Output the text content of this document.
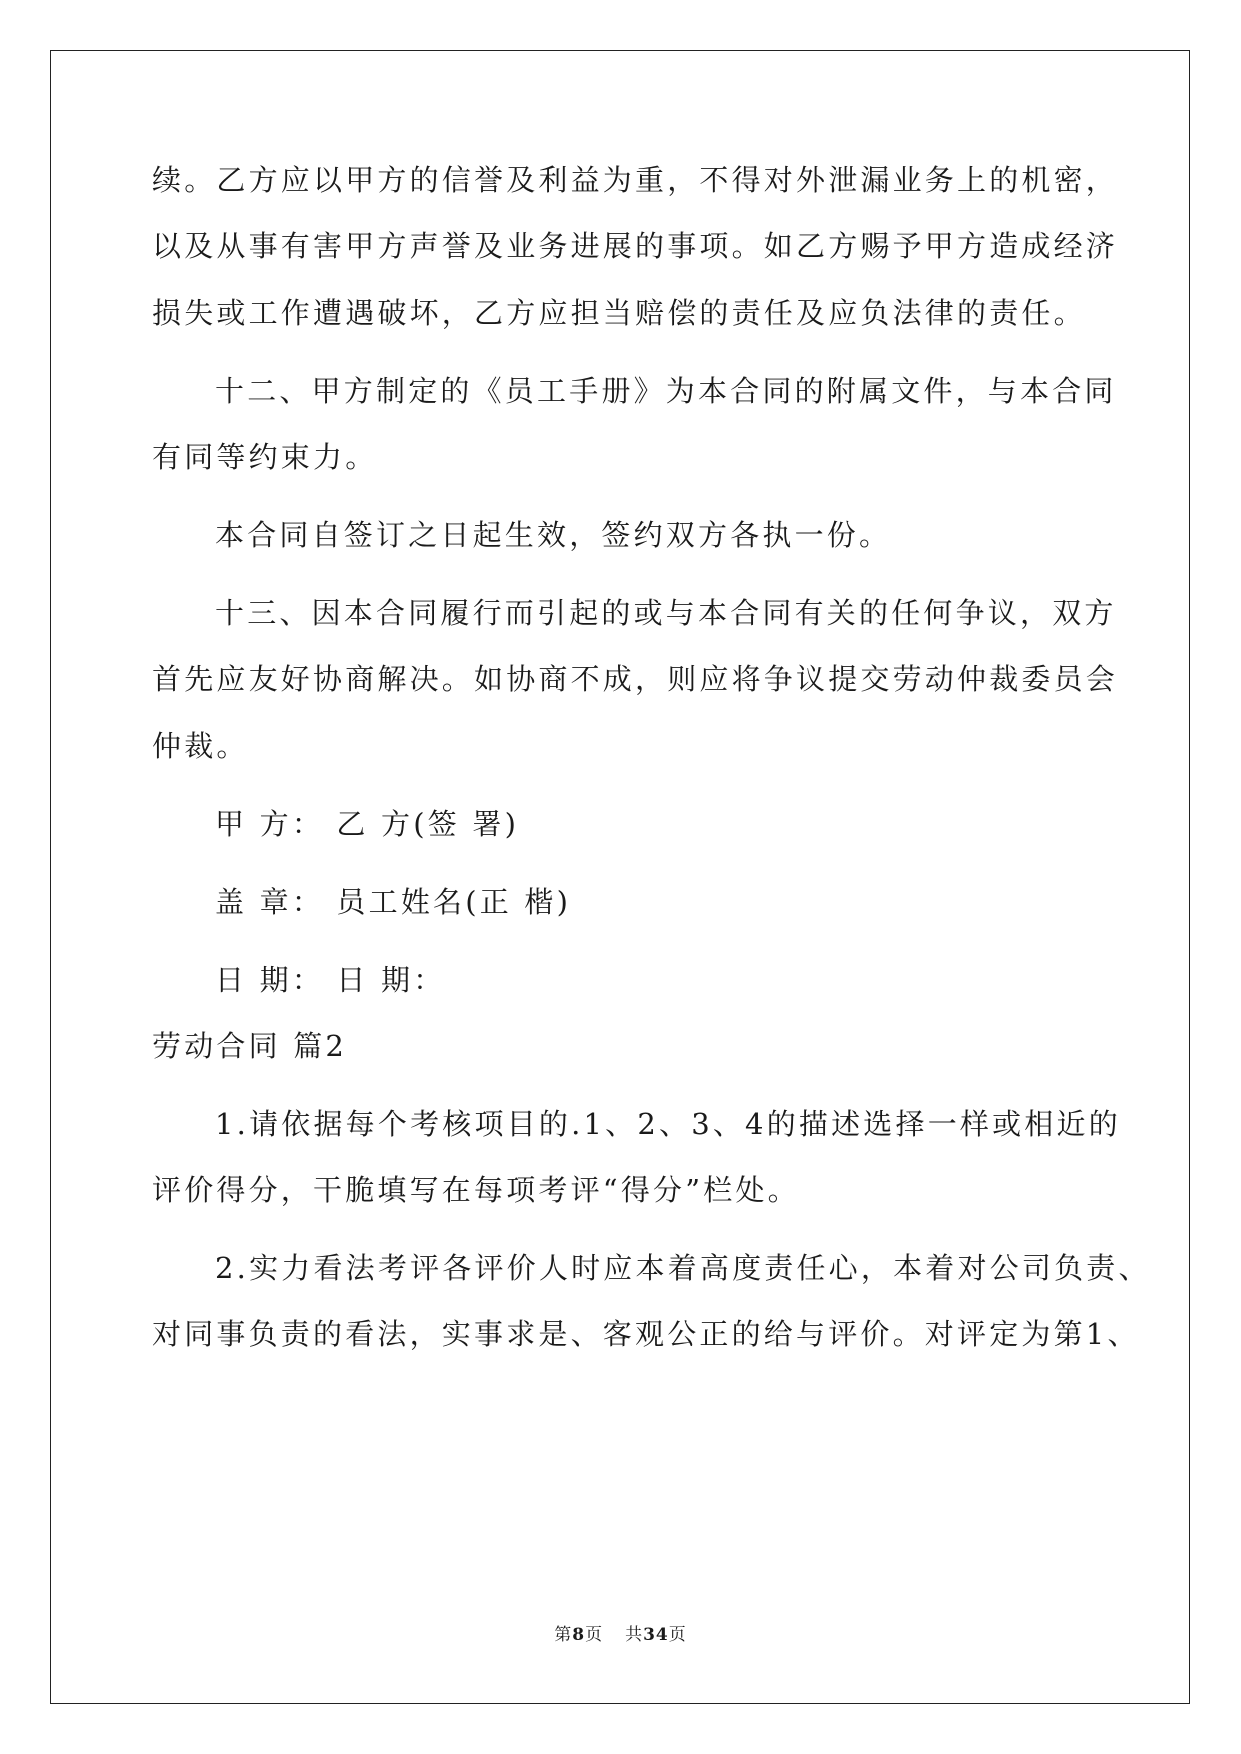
续。乙方应以甲方的信誉及利益为重，不得对外泄漏业务上的机密，
以及从事有害甲方声誉及业务进展的事项。如乙方赐予甲方造成经济
损失或工作遭遇破坏，乙方应担当赔偿的责任及应负法律的责任。
十二、甲方制定的《员工手册》为本合同的附属文件，与本合同
有同等约束力。
本合同自签订之日起生效，签约双方各执一份。
十三、因本合同履行而引起的或与本合同有关的任何争议，双方
首先应友好协商解决。如协商不成，则应将争议提交劳动仲裁委员会
仲裁。
甲 方： 乙 方(签 署)
盖 章： 员工姓名(正 楷)
日 期： 日 期：
劳动合同 篇2
1.请依据每个考核项目的.1、2、3、4的描述选择一样或相近的
评价得分，干脆填写在每项考评“得分”栏处。
2.实力看法考评各评价人时应本着高度责任心，本着对公司负责、
对同事负责的看法，实事求是、客观公正的给与评价。对评定为第1、
第8页 共34页
